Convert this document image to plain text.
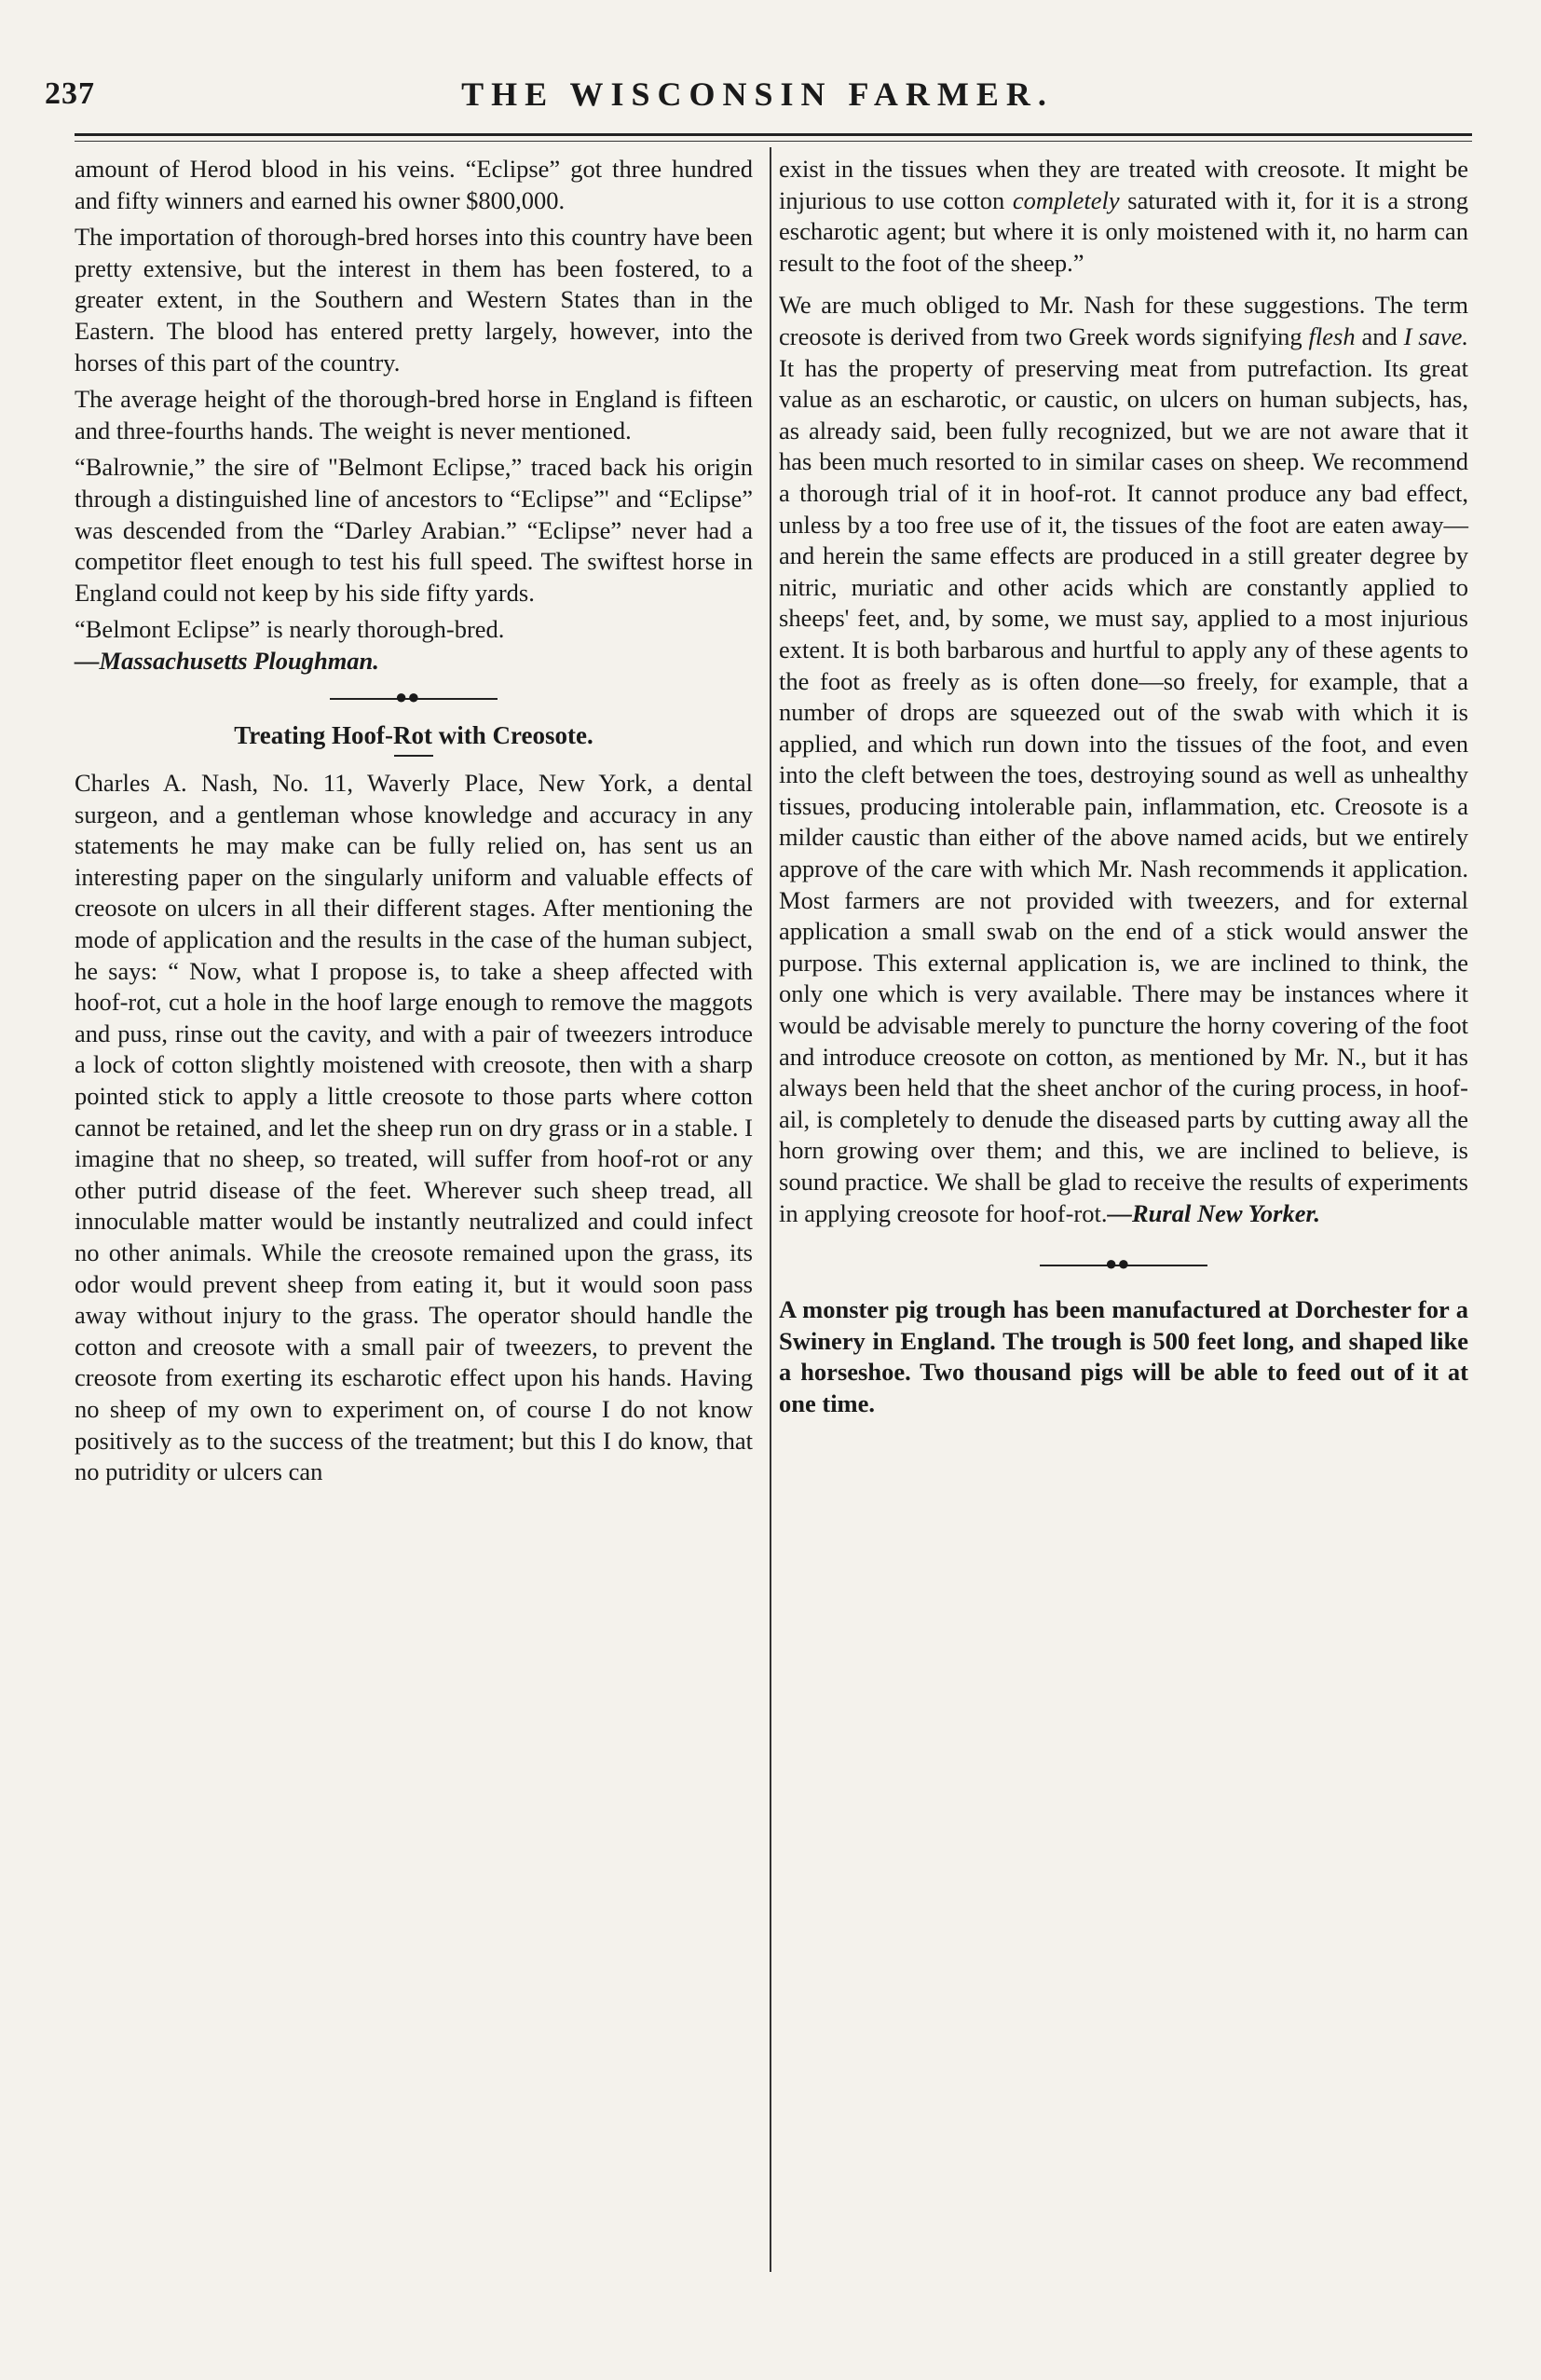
237	THE WISCONSIN FARMER.

amount of Herod blood in his veins. “Eclipse” got three hundred and fifty winners and earned his owner $800,000.

The importation of thorough-bred horses into this country have been pretty extensive, but the interest in them has been fostered, to a greater extent, in the Southern and Western States than in the Eastern. The blood has entered pretty largely, however, into the horses of this part of the country.

The average height of the thorough-bred horse in England is fifteen and three-fourths hands. The weight is never mentioned.

“Balrownie,” the sire of "Belmont Eclipse,” traced back his origin through a distinguished line of ancestors to “Eclipse”' and “Eclipse” was descended from the “Darley Arabian.” “Eclipse” never had a competitor fleet enough to test his full speed. The swiftest horse in England could not keep by his side fifty yards.

“Belmont Eclipse” is nearly thorough-bred.

—Massachusetts Ploughman.

●●
Treating Hoof-Rot with Creosote.

Charles A. Nash, No. 11, Waverly Place, New York, a dental surgeon, and a gentleman whose knowledge and accuracy in any statements he may make can be fully relied on, has sent us an interesting paper on the singularly uniform and valuable effects of creosote on ulcers in all their different stages. After mentioning the mode of application and the results in the case of the human subject, he says: “ Now, what I propose is, to take a sheep affected with hoof-rot, cut a hole in the hoof large enough to remove the maggots and puss, rinse out the cavity, and with a pair of tweezers introduce a lock of cotton slightly moistened with creosote, then with a sharp pointed stick to apply a little creosote to those parts where cotton cannot be retained, and let the sheep run on dry grass or in a stable. I imagine that no sheep, so treated, will suffer from hoof-rot or any other putrid disease of the feet. Wherever such sheep tread, all innoculable matter would be instantly neutralized and could infect no other animals. While the creosote remained upon the grass, its odor would prevent sheep from eating it, but it would soon pass away without injury to the grass. The operator should handle the cotton and creosote with a small pair of tweezers, to prevent the creosote from exerting its escharotic effect upon his hands. Having no sheep of my own to experiment on, of course I do not know positively as to the success of the treatment; but this I do know, that no putridity or ulcers can

exist in the tissues when they are treated with creosote. It might be injurious to use cotton completely saturated with it, for it is a strong escharotic agent; but where it is only moistened with it, no harm can result to the foot of the sheep.”

We are much obliged to Mr. Nash for these suggestions. The term creosote is derived from two Greek words signifying flesh and I save. It has the property of preserving meat from putrefaction. Its great value as an escharotic, or caustic, on ulcers on human subjects, has, as already said, been fully recognized, but we are not aware that it has been much resorted to in similar cases on sheep. We recommend a thorough trial of it in hoof-rot. It cannot produce any bad effect, unless by a too free use of it, the tissues of the foot are eaten away—and herein the same effects are produced in a still greater degree by nitric, muriatic and other acids which are constantly applied to sheeps' feet, and, by some, we must say, applied to a most injurious extent. It is both barbarous and hurtful to apply any of these agents to the foot as freely as is often done—so freely, for example, that a number of drops are squeezed out of the swab with which it is applied, and which run down into the tissues of the foot, and even into the cleft between the toes, destroying sound as well as unhealthy tissues, producing intolerable pain, inflammation, etc. Creosote is a milder caustic than either of the above named acids, but we entirely approve of the care with which Mr. Nash recommends it application. Most farmers are not provided with tweezers, and for external application a small swab on the end of a stick would answer the purpose. This external application is, we are inclined to think, the only one which is very available. There may be instances where it would be advisable merely to puncture the horny covering of the foot and introduce creosote on cotton, as mentioned by Mr. N., but it has always been held that the sheet anchor of the curing process, in hoof-ail, is completely to denude the diseased parts by cutting away all the horn growing over them; and this, we are inclined to believe, is sound practice. We shall be glad to receive the results of experiments in applying creosote for hoof-rot.—Rural New Yorker.

●●

A monster pig trough has been manufactured at Dorchester for a Swinery in England. The trough is 500 feet long, and shaped like a horseshoe. Two thousand pigs will be able to feed out of it at one time.
